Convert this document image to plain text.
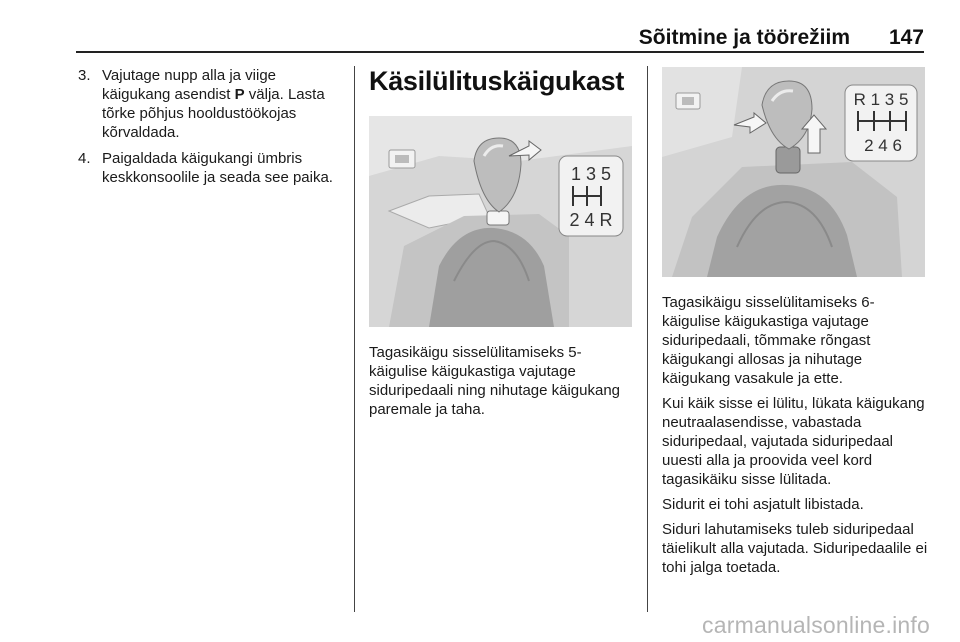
Sõitmine ja töörežiim 147
3. Vajutage nupp alla ja viige käigukang asendist P välja. Lasta tõrke põhjus hooldustöökojas kõrvaldada.
4. Paigaldada käigukangi ümbris keskkonsoolile ja seada see paika.
Käsilülituskäigukast
1 3 5
2 4 R
R 1 3 5
2 4 6
Tagasikäigu sisselülitamiseks 5-käigulise käigukastiga vajutage siduripedaali ning nihutage käigukang paremale ja taha.

Tagasikäigu sisselülitamiseks 6-käigulise käigukastiga vajutage siduripedaali, tõmmake rõngast käigukangi allosas ja nihutage käigukang vasakule ja ette.

Kui käik sisse ei lülitu, lükata käigukang neutraalasendisse, vabastada siduripedaal, vajutada siduripedaal uuesti alla ja proovida veel kord tagasikäiku sisse lülitada.

Sidurit ei tohi asjatult libistada.

Siduri lahutamiseks tuleb siduripedaal täielikult alla vajutada. Siduripedaalile ei tohi jalga toetada.

carmanualsonline.info
